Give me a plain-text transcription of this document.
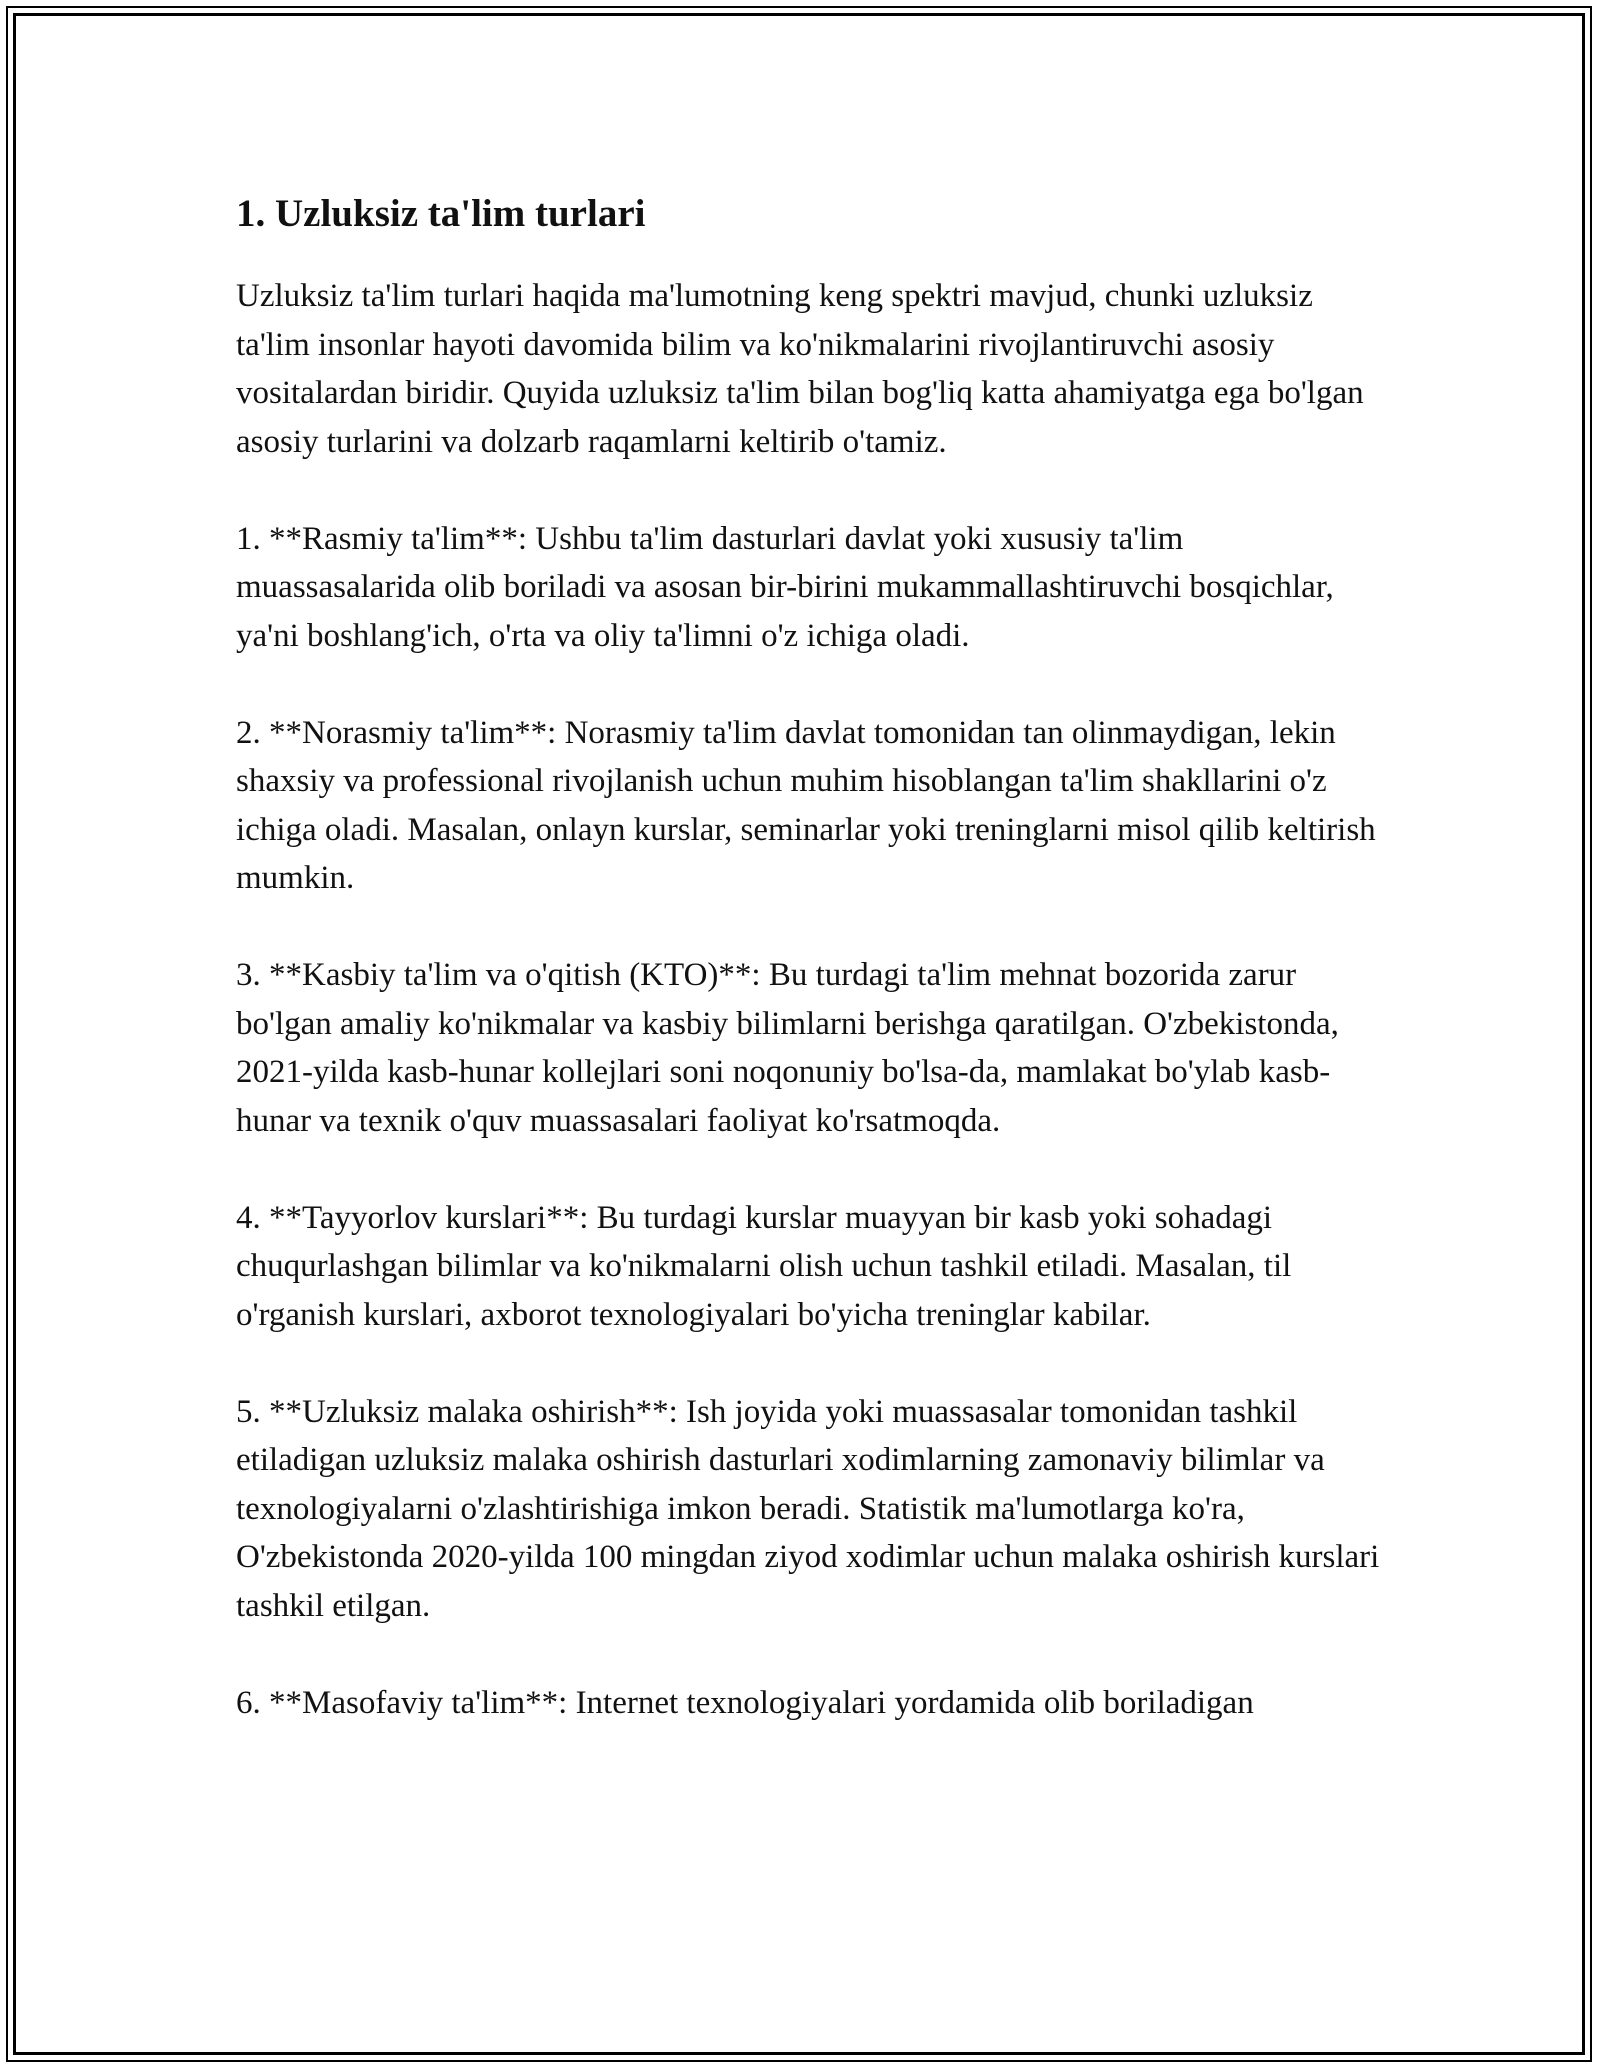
1. Uzluksiz ta'lim turlari

Uzluksiz ta'lim turlari haqida ma'lumotning keng spektri mavjud, chunki uzluksiz ta'lim insonlar hayoti davomida bilim va ko'nikmalarini rivojlantiruvchi asosiy vositalardan biridir. Quyida uzluksiz ta'lim bilan bog'liq katta ahamiyatga ega bo'lgan asosiy turlarini va dolzarb raqamlarni keltirib o'tamiz.

1. **Rasmiy ta'lim**: Ushbu ta'lim dasturlari davlat yoki xususiy ta'lim muassasalarida olib boriladi va asosan bir-birini mukammallashtiruvchi bosqichlar, ya'ni boshlang'ich, o'rta va oliy ta'limni o'z ichiga oladi.

2. **Norasmiy ta'lim**: Norasmiy ta'lim davlat tomonidan tan olinmaydigan, lekin shaxsiy va professional rivojlanish uchun muhim hisoblangan ta'lim shakllarini o'z ichiga oladi. Masalan, onlayn kurslar, seminarlar yoki treninglarni misol qilib keltirish mumkin.

3. **Kasbiy ta'lim va o'qitish (KTO)**: Bu turdagi ta'lim mehnat bozorida zarur bo'lgan amaliy ko'nikmalar va kasbiy bilimlarni berishga qaratilgan. O'zbekistonda, 2021-yilda kasb-hunar kollejlari soni noqonuniy bo'lsa-da, mamlakat bo'ylab kasb-hunar va texnik o'quv muassasalari faoliyat ko'rsatmoqda.

4. **Tayyorlov kurslari**: Bu turdagi kurslar muayyan bir kasb yoki sohadagi chuqurlashgan bilimlar va ko'nikmalarni olish uchun tashkil etiladi. Masalan, til o'rganish kurslari, axborot texnologiyalari bo'yicha treninglar kabilar.

5. **Uzluksiz malaka oshirish**: Ish joyida yoki muassasalar tomonidan tashkil etiladigan uzluksiz malaka oshirish dasturlari xodimlarning zamonaviy bilimlar va texnologiyalarni o'zlashtirishiga imkon beradi. Statistik ma'lumotlarga ko'ra, O'zbekistonda 2020-yilda 100 mingdan ziyod xodimlar uchun malaka oshirish kurslari tashkil etilgan.

6. **Masofaviy ta'lim**: Internet texnologiyalari yordamida olib boriladigan
